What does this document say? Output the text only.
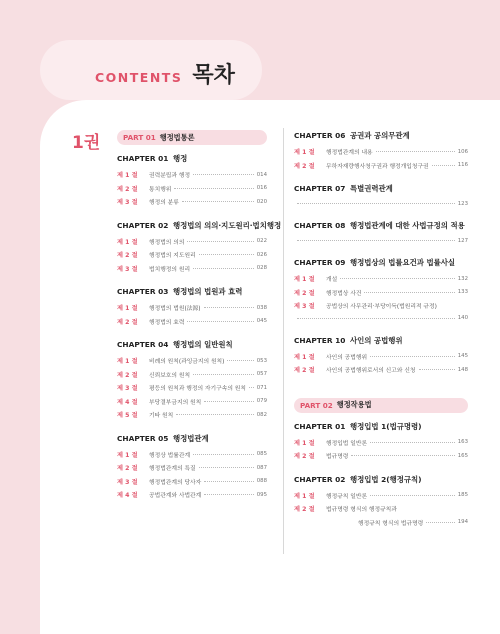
CONTENTS 목차
1권	PART 01 행정법통론
CHAPTER 01 행정
제 1 절	권력분립과 행정	014
제 2 절	통치행위	016
제 3 절	행정의 분류	020
CHAPTER 02 행정법의 의의·지도원리·법치행정
제 1 절	행정법의 의의	022
제 2 절	행정법의 지도원리	026
제 3 절	법치행정의 원리	028
CHAPTER 03 행정법의 법원과 효력
제 1 절	행정법의 법원(法源)	038
제 2 절	행정법의 효력	045
CHAPTER 04 행정법의 일반원칙
제 1 절	비례의 원칙(과잉금지의 원칙)	053
제 2 절	신뢰보호의 원칙	057
제 3 절	평등의 원칙과 행정의 자기구속의 원칙 071
제 4 절	부당결부금지의 원칙	079
제 5 절	기타 원칙	082
CHAPTER 05 행정법관계
제 1 절	행정상 법률관계	085
제 2 절	행정법관계의 특질	087
제 3 절	행정법관계의 당사자	088
제 4 절	공법관계와 사법관계	095
CHAPTER 06 공권과 공의무관계
제 1 절	행정법관계의 내용	106
제 2 절	무하자재량행사청구권과 행정개입청구권	116
CHAPTER 07 특별권력관계
123
CHAPTER 08 행정법관계에 대한 사법규정의 적용
127
CHAPTER 09 행정법상의 법률요건과 법률사실
제 1 절	개설	132
제 2 절	행정법상 사건	133
제 3 절	공법상의 사무관리·부당이득(법원리적 규정)
140
CHAPTER 10 사인의 공법행위
제 1 절	사인의 공법행위	145
제 2 절	사인의 공법행위로서의 신고와 신청	148
PART 02 행정작용법
CHAPTER 01 행정입법 1(법규명령)
제 1 절	행정입법 일반론	163
제 2 절	법규명령	165
CHAPTER 02 행정입법 2(행정규칙)
제 1 절	행정규칙 일반론	185
제 2 절	법규명령 형식의 행정규칙과
행정규칙 형식의 법규명령	194
